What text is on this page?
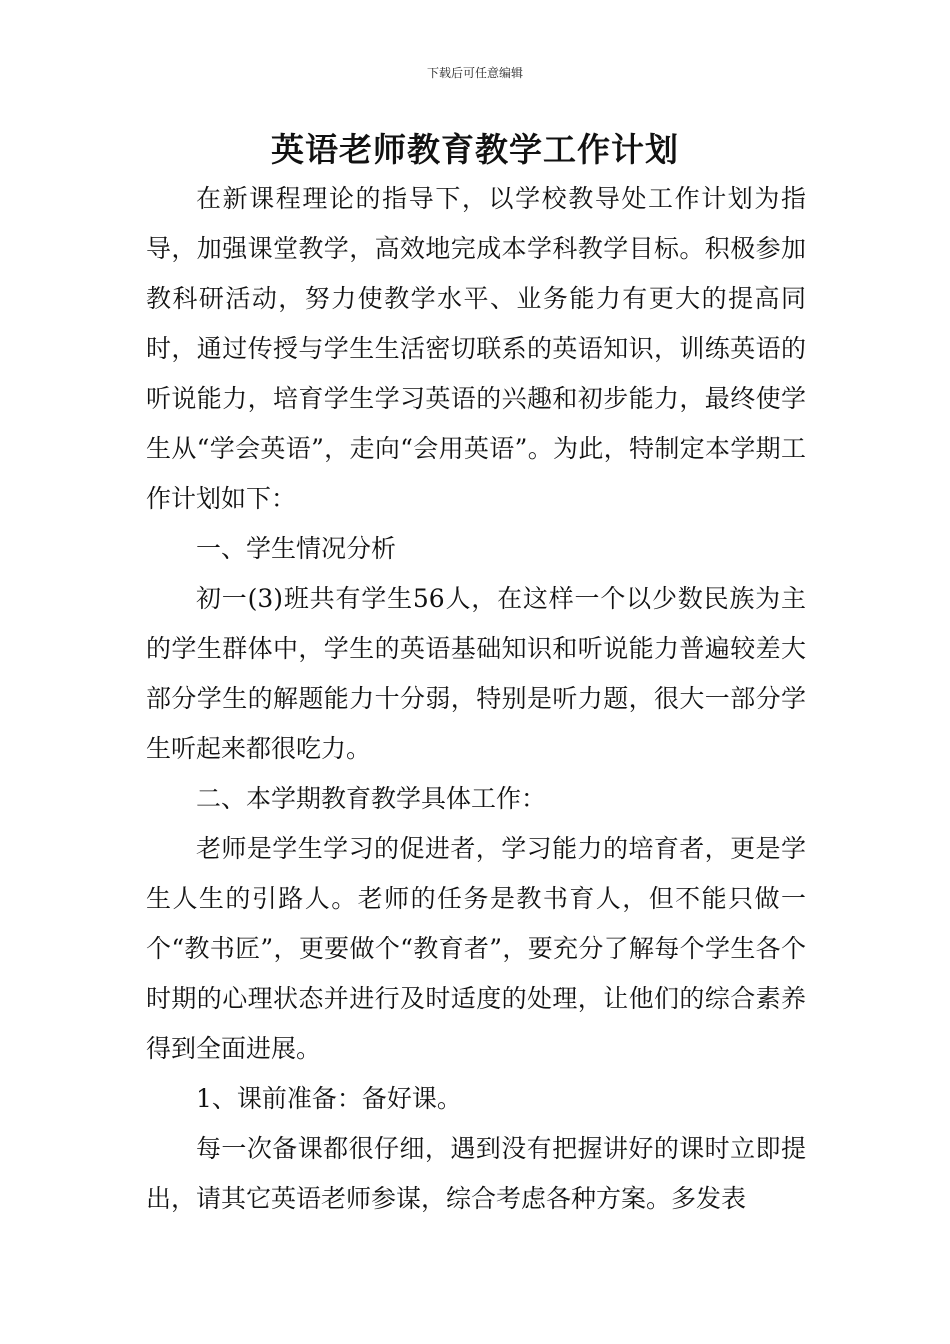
下载后可任意编辑
英语老师教育教学工作计划

在新课程理论的指导下，以学校教导处工作计划为指导，加强课堂教学，高效地完成本学科教学目标。积极参加教科研活动，努力使教学水平、业务能力有更大的提高同时，通过传授与学生生活密切联系的英语知识，训练英语的听说能力，培育学生学习英语的兴趣和初步能力，最终使学生从“学会英语”，走向“会用英语”。为此，特制定本学期工作计划如下：

一、学生情况分析

初一(3)班共有学生56人，在这样一个以少数民族为主的学生群体中，学生的英语基础知识和听说能力普遍较差大部分学生的解题能力十分弱，特别是听力题，很大一部分学生听起来都很吃力。

二、本学期教育教学具体工作：

老师是学生学习的促进者，学习能力的培育者，更是学生人生的引路人。老师的任务是教书育人，但不能只做一个“教书匠”，更要做个“教育者”，要充分了解每个学生各个时期的心理状态并进行及时适度的处理，让他们的综合素养得到全面进展。

1、课前准备：备好课。

每一次备课都很仔细，遇到没有把握讲好的课时立即提出，请其它英语老师参谋，综合考虑各种方案。多发表
